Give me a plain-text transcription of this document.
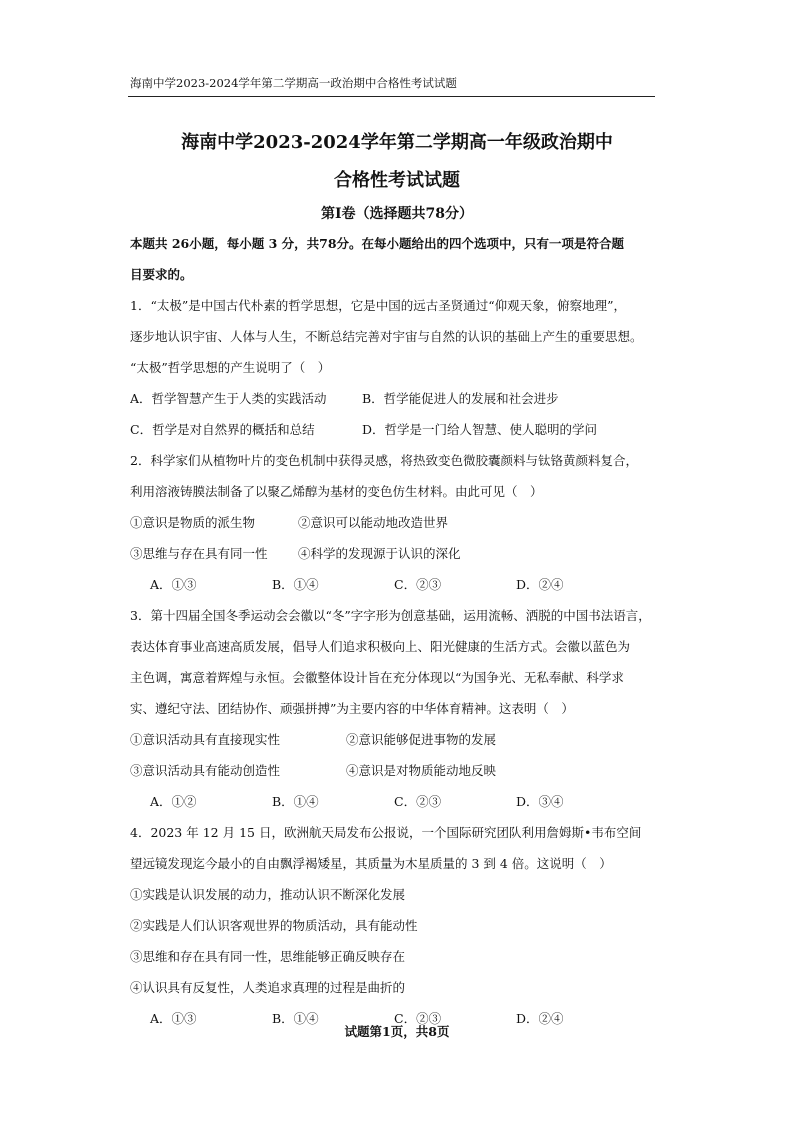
海南中学2023-2024学年第二学期高一政治期中合格性考试试题
海南中学2023-2024学年第二学期高一年级政治期中
合格性考试试题
第Ⅰ卷（选择题共78分）
本题共 26小题，每小题 3 分，共78分。在每小题给出的四个选项中，只有一项是符合题
目要求的。
1．“太极”是中国古代朴素的哲学思想，它是中国的远古圣贤通过“仰观天象，俯察地理”，
逐步地认识宇宙、人体与人生，不断总结完善对宇宙与自然的认识的基础上产生的重要思想。
“太极”哲学思想的产生说明了（　）
A．哲学智慧产生于人类的实践活动	B．哲学能促进人的发展和社会进步
C．哲学是对自然界的概括和总结	D．哲学是一门给人智慧、使人聪明的学问
2．科学家们从植物叶片的变色机制中获得灵感，将热致变色微胶囊颜料与钛铬黄颜料复合，
利用溶液铸膜法制备了以聚乙烯醇为基材的变色仿生材料。由此可见（　）
①意识是物质的派生物	②意识可以能动地改造世界
③思维与存在具有同一性 ④科学的发现源于认识的深化
A．①③	B．①④	C．②③	D．②④
3．第十四届全国冬季运动会会徽以“冬”字字形为创意基础，运用流畅、洒脱的中国书法语言，
表达体育事业高速高质发展，倡导人们追求积极向上、阳光健康的生活方式。会徽以蓝色为
主色调，寓意着辉煌与永恒。会徽整体设计旨在充分体现以“为国争光、无私奉献、科学求
实、遵纪守法、团结协作、顽强拼搏”为主要内容的中华体育精神。这表明（　）
①意识活动具有直接现实性	②意识能够促进事物的发展
③意识活动具有能动创造性	④意识是对物质能动地反映
A．①②	B．①④	C．②③	D．③④
4．2023 年 12 月 15 日，欧洲航天局发布公报说，一个国际研究团队利用詹姆斯•韦布空间
望远镜发现迄今最小的自由飘浮褐矮星，其质量为木星质量的 3 到 4 倍。这说明（　）
①实践是认识发展的动力，推动认识不断深化发展
②实践是人们认识客观世界的物质活动，具有能动性
③思维和存在具有同一性，思维能够正确反映存在
④认识具有反复性，人类追求真理的过程是曲折的
A．①③	B．①④	C．②③	D．②④
试题第1页，共8页
